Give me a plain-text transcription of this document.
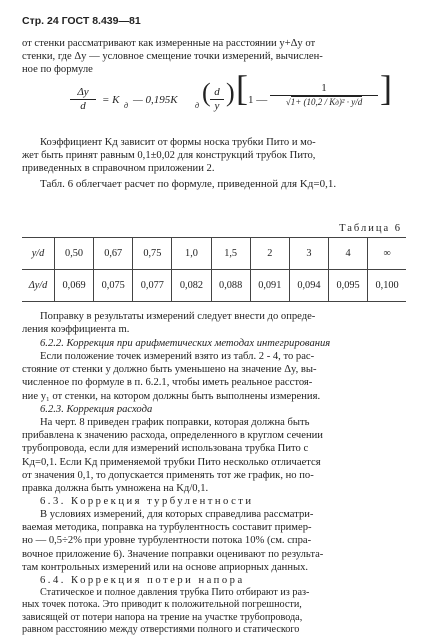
Стр. 24 ГОСТ 8.439—81
от стенки рассматривают как измеренные на расстоянии y+Δy от
стенки, где Δy — условное смещение точки измерений, вычислен-
ное по формуле
$\frac{\Delta y}{d} = K$ д — 0,195K д ( $\frac{d}{y}$ ) [ 1 —
1
√1+ (10,2 / Kд)² · y/d ]
Коэффициент Kд зависит от формы носка трубки Пито и мо-
жет быть принят равным 0,1±0,02 для конструкций трубок Пито,
приведенных в справочном приложении 2.
Табл. 6 облегчает расчет по формуле, приведенной для Kд=0,1.
Таблица 6
y/d	0,50	0,67	0,75	1,0	1,5	2	3	4	∞
Δy/d	0,069	0,075	0,077	0,082	0,088	0,091	0,094	0,095	0,100
Поправку в результаты измерений следует внести до опреде-
ления коэффициента m.
6.2.2. Коррекция при арифметических методах интегрирования
Если положение точек измерений взято из табл. 2 - 4, то рас-
стояние от стенки y должно быть уменьшено на значение Δy, вы-
численное по формуле в п. 6.2.1, чтобы иметь реальное расстоя-
ние y₁ от стенки, на котором должны быть выполнены измерения.
6.2.3. Коррекция расхода
На черт. 8 приведен график поправки, которая должна быть
прибавлена к значению расхода, определенного в круглом сечении
трубопровода, если для измерений использована трубка Пито с
Kд=0,1. Если Kд применяемой трубки Пито несколько отличается
от значения 0,1, то допускается применять тот же график, но по-
правка должна быть умножена на Kд/0,1.
6.3. Коррекция турбулентности
В условиях измерений, для которых справедлива рассматри-
ваемая методика, поправка на турбулентность составит пример-
но — 0,5÷2% при уровне турбулентности потока 10% (см. спра-
вочное приложение 6). Значение поправки оценивают по результа-
там контрольных измерений или на основе априорных данных.
6.4. Коррекция потери напора
Статическое и полное давления трубка Пито отбирают из раз-
ных точек потока. Это приводит к положительной погрешности,
зависящей от потери напора на трение на участке трубопровода,
равном расстоянию между отверстиями полного и статического
